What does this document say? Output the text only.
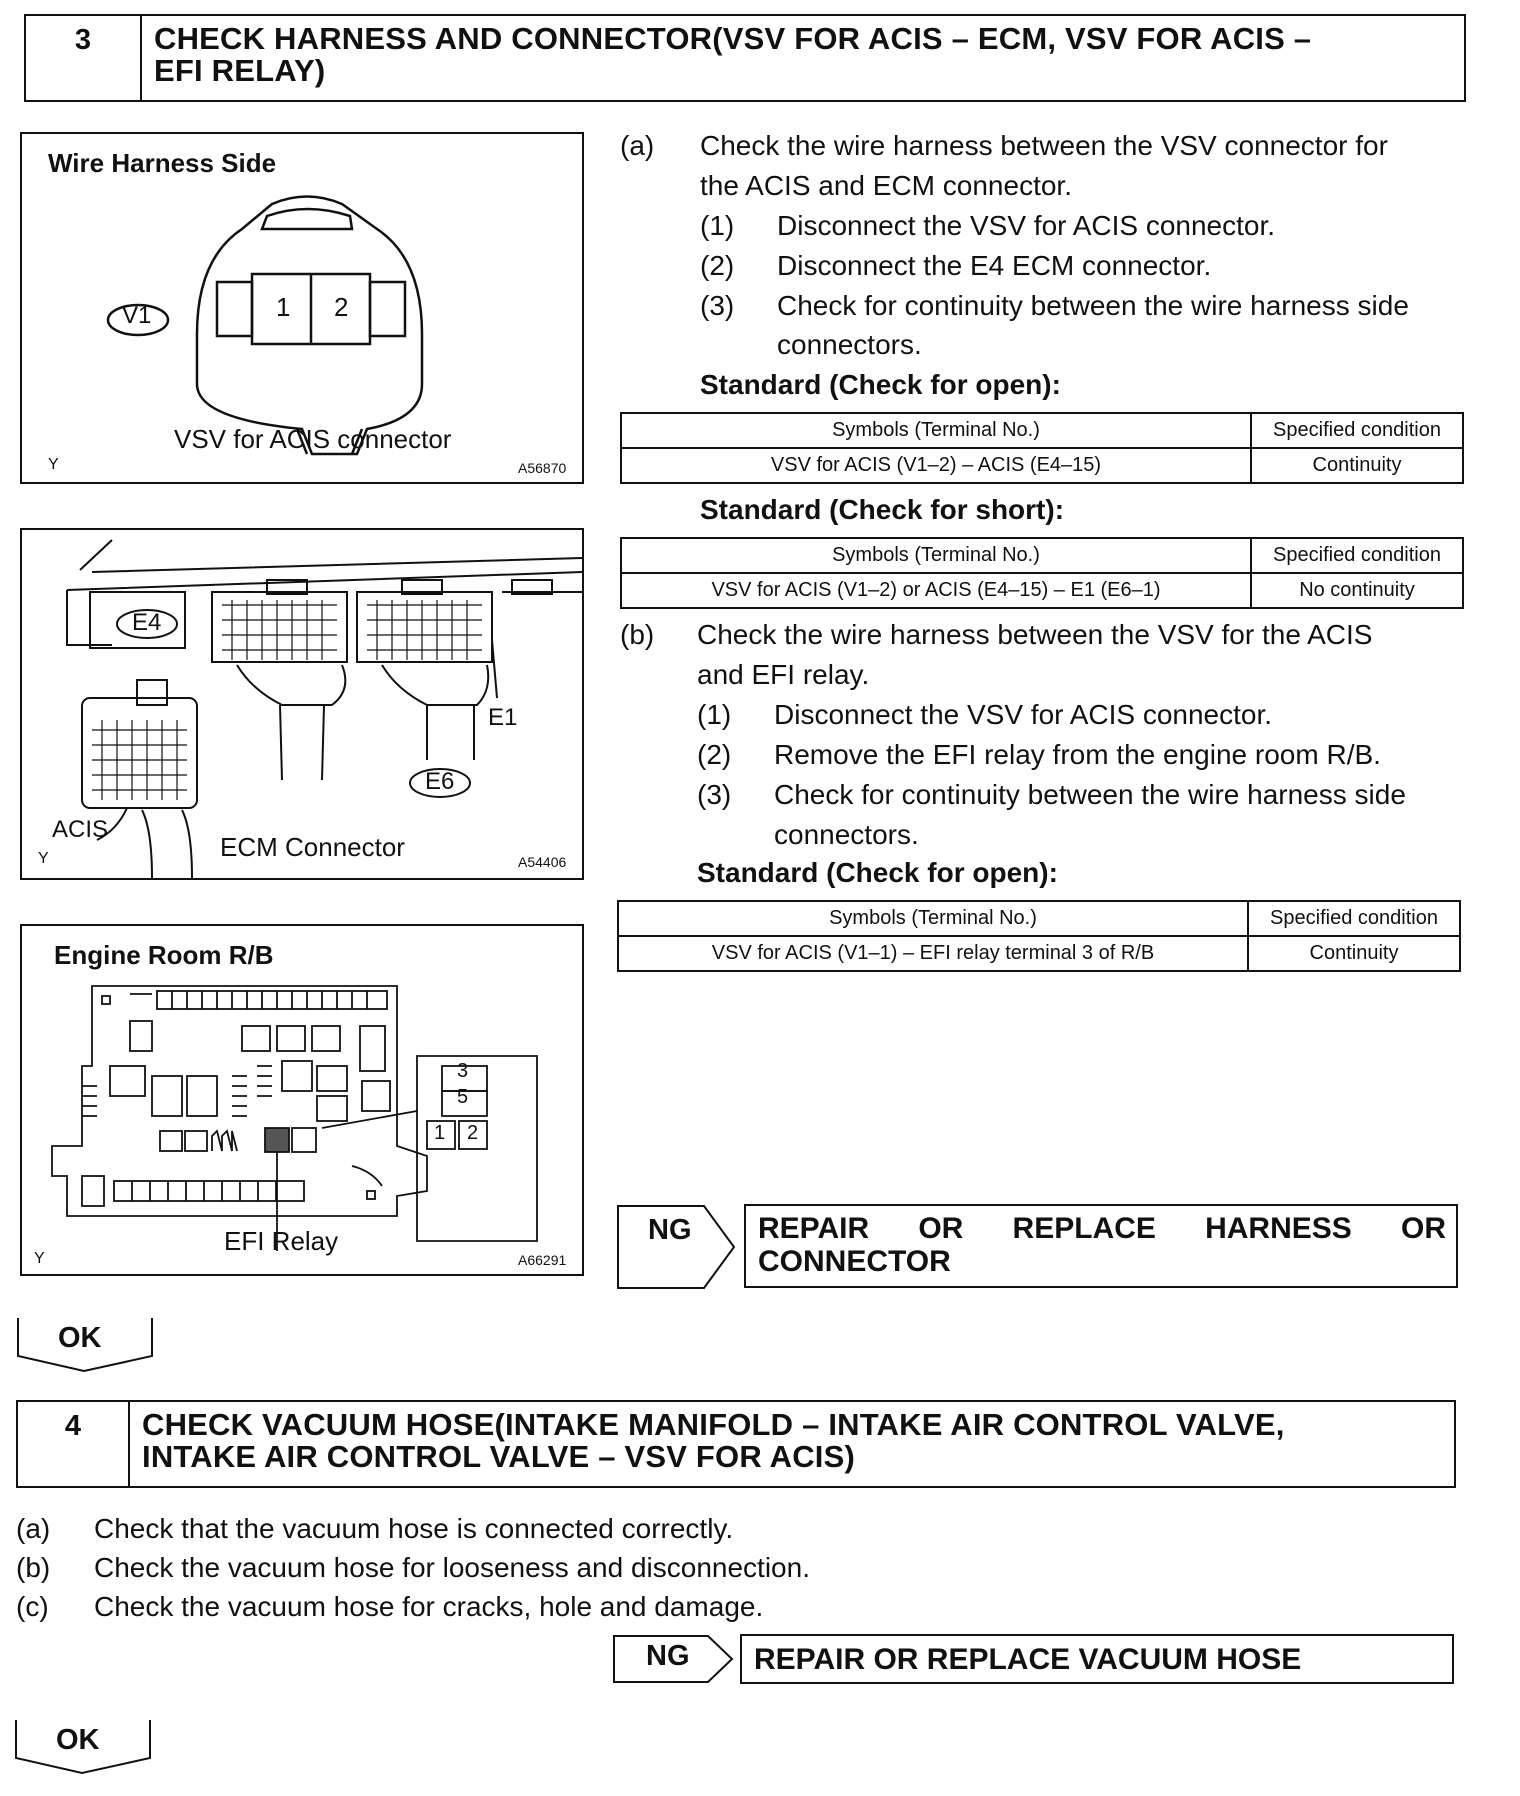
3	CHECK HARNESS AND CONNECTOR(VSV FOR ACIS – ECM, VSV FOR ACIS –
EFI RELAY)
Wire Harness Side
V1	1 2
VSV for ACIS connector
Y	A56870
E4
E1
E6
ACIS
ECM Connector
Y	A54406
Engine Room R/B
3
5
1 2
EFI Relay
Y	A66291
(a) Check the wire harness between the VSV connector for
the ACIS and ECM connector.
(1) Disconnect the VSV for ACIS connector.
(2) Disconnect the E4 ECM connector.
(3) Check for continuity between the wire harness side
connectors.
Standard (Check for open):
Symbols (Terminal No.)	Specified condition
VSV for ACIS (V1–2) – ACIS (E4–15)	Continuity
Standard (Check for short):
Symbols (Terminal No.)	Specified condition
VSV for ACIS (V1–2) or ACIS (E4–15) – E1 (E6–1)	No continuity
(b) Check the wire harness between the VSV for the ACIS
and EFI relay.
(1) Disconnect the VSV for ACIS connector.
(2) Remove the EFI relay from the engine room R/B.
(3) Check for continuity between the wire harness side
connectors.
Standard (Check for open):
Symbols (Terminal No.)	Specified condition
VSV for ACIS (V1–1) – EFI relay terminal 3 of R/B	Continuity
NG REPAIR OR REPLACE HARNESS OR
CONNECTOR
OK
4	CHECK VACUUM HOSE(INTAKE MANIFOLD – INTAKE AIR CONTROL VALVE,
INTAKE AIR CONTROL VALVE – VSV FOR ACIS)
(a) Check that the vacuum hose is connected correctly.
(b) Check the vacuum hose for looseness and disconnection.
(c) Check the vacuum hose for cracks, hole and damage.
NG	REPAIR OR REPLACE VACUUM HOSE
OK
